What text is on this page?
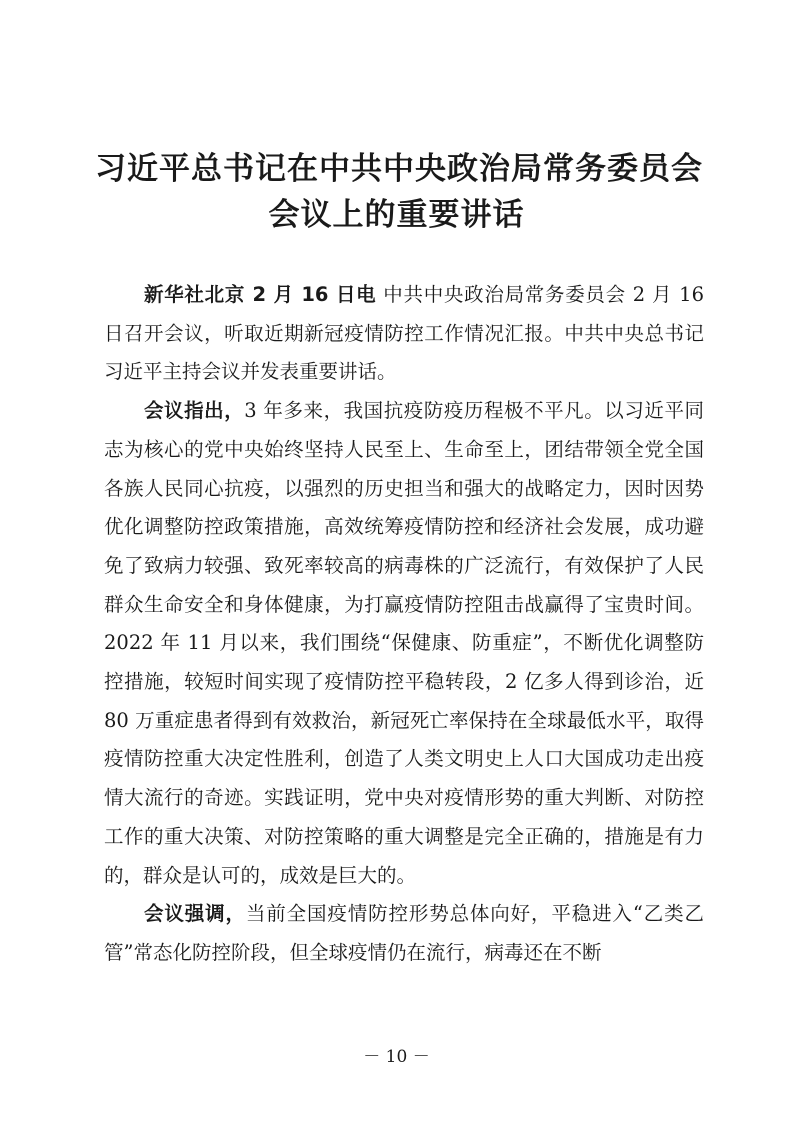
习近平总书记在中共中央政治局常务委员会
会议上的重要讲话

新华社北京 2 月 16 日电 中共中央政治局常务委员会 2 月 16 日召开会议，听取近期新冠疫情防控工作情况汇报。中共中央总书记习近平主持会议并发表重要讲话。

会议指出，3 年多来，我国抗疫防疫历程极不平凡。以习近平同志为核心的党中央始终坚持人民至上、生命至上，团结带领全党全国各族人民同心抗疫，以强烈的历史担当和强大的战略定力，因时因势优化调整防控政策措施，高效统筹疫情防控和经济社会发展，成功避免了致病力较强、致死率较高的病毒株的广泛流行，有效保护了人民群众生命安全和身体健康，为打赢疫情防控阻击战赢得了宝贵时间。2022 年 11 月以来，我们围绕“保健康、防重症”，不断优化调整防控措施，较短时间实现了疫情防控平稳转段，2 亿多人得到诊治，近 80 万重症患者得到有效救治，新冠死亡率保持在全球最低水平，取得疫情防控重大决定性胜利，创造了人类文明史上人口大国成功走出疫情大流行的奇迹。实践证明，党中央对疫情形势的重大判断、对防控工作的重大决策、对防控策略的重大调整是完全正确的，措施是有力的，群众是认可的，成效是巨大的。

会议强调，当前全国疫情防控形势总体向好，平稳进入“乙类乙管”常态化防控阶段，但全球疫情仍在流行，病毒还在不断

－ 10 －
